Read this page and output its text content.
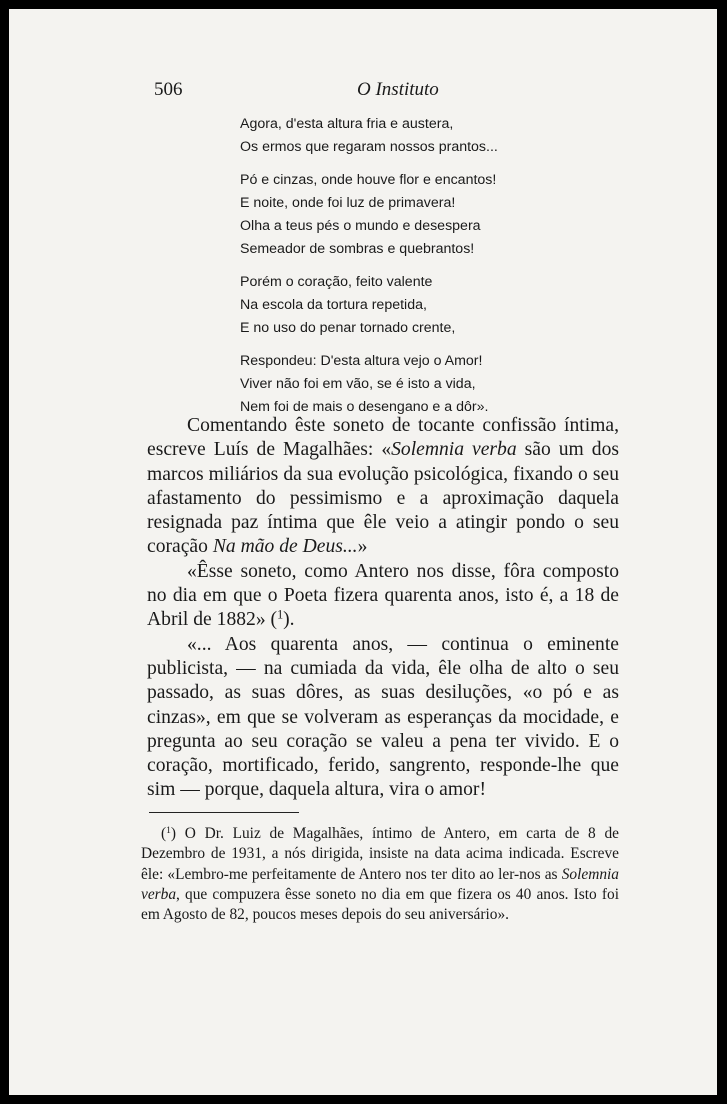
506	O Instituto
Agora, d'esta altura fria e austera,
Os ermos que regaram nossos prantos...
Pó e cinzas, onde houve flor e encantos!
E noite, onde foi luz de primavera!
Olha a teus pés o mundo e desespera
Semeador de sombras e quebrantos!
Porém o coração, feito valente
Na escola da tortura repetida,
E no uso do penar tornado crente,
Respondeu: D'esta altura vejo o Amor!
Viver não foi em vão, se é isto a vida,
Nem foi de mais o desengano e a dôr».

Comentando êste soneto de tocante confissão íntima, escreve Luís de Magalhães: «Solemnia verba são um dos marcos miliários da sua evolução psicológica, fixando o seu afastamento do pessimismo e a aproximação daquela resignada paz íntima que êle veio a atingir pondo o seu coração Na mão de Deus...»

«Êsse soneto, como Antero nos disse, fôra composto no dia em que o Poeta fizera quarenta anos, isto é, a 18 de Abril de 1882» ($^1$).

«... Aos quarenta anos, — continua o eminente publicista, — na cumiada da vida, êle olha de alto o seu passado, as suas dôres, as suas desiluções, «o pó e as cinzas», em que se volveram as esperanças da mocidade, e pregunta ao seu coração se valeu a pena ter vivido. E o coração, mortificado, ferido, sangrento, responde-lhe que sim — porque, daquela altura, vira o amor!

($^1$) O Dr. Luiz de Magalhães, íntimo de Antero, em carta de 8 de Dezembro de 1931, a nós dirigida, insiste na data acima indicada. Escreve êle: «Lembro-me perfeitamente de Antero nos ter dito ao ler-nos as Solemnia verba, que compuzera êsse soneto no dia em que fizera os 40 anos. Isto foi em Agosto de 82, poucos meses depois do seu aniversário».
